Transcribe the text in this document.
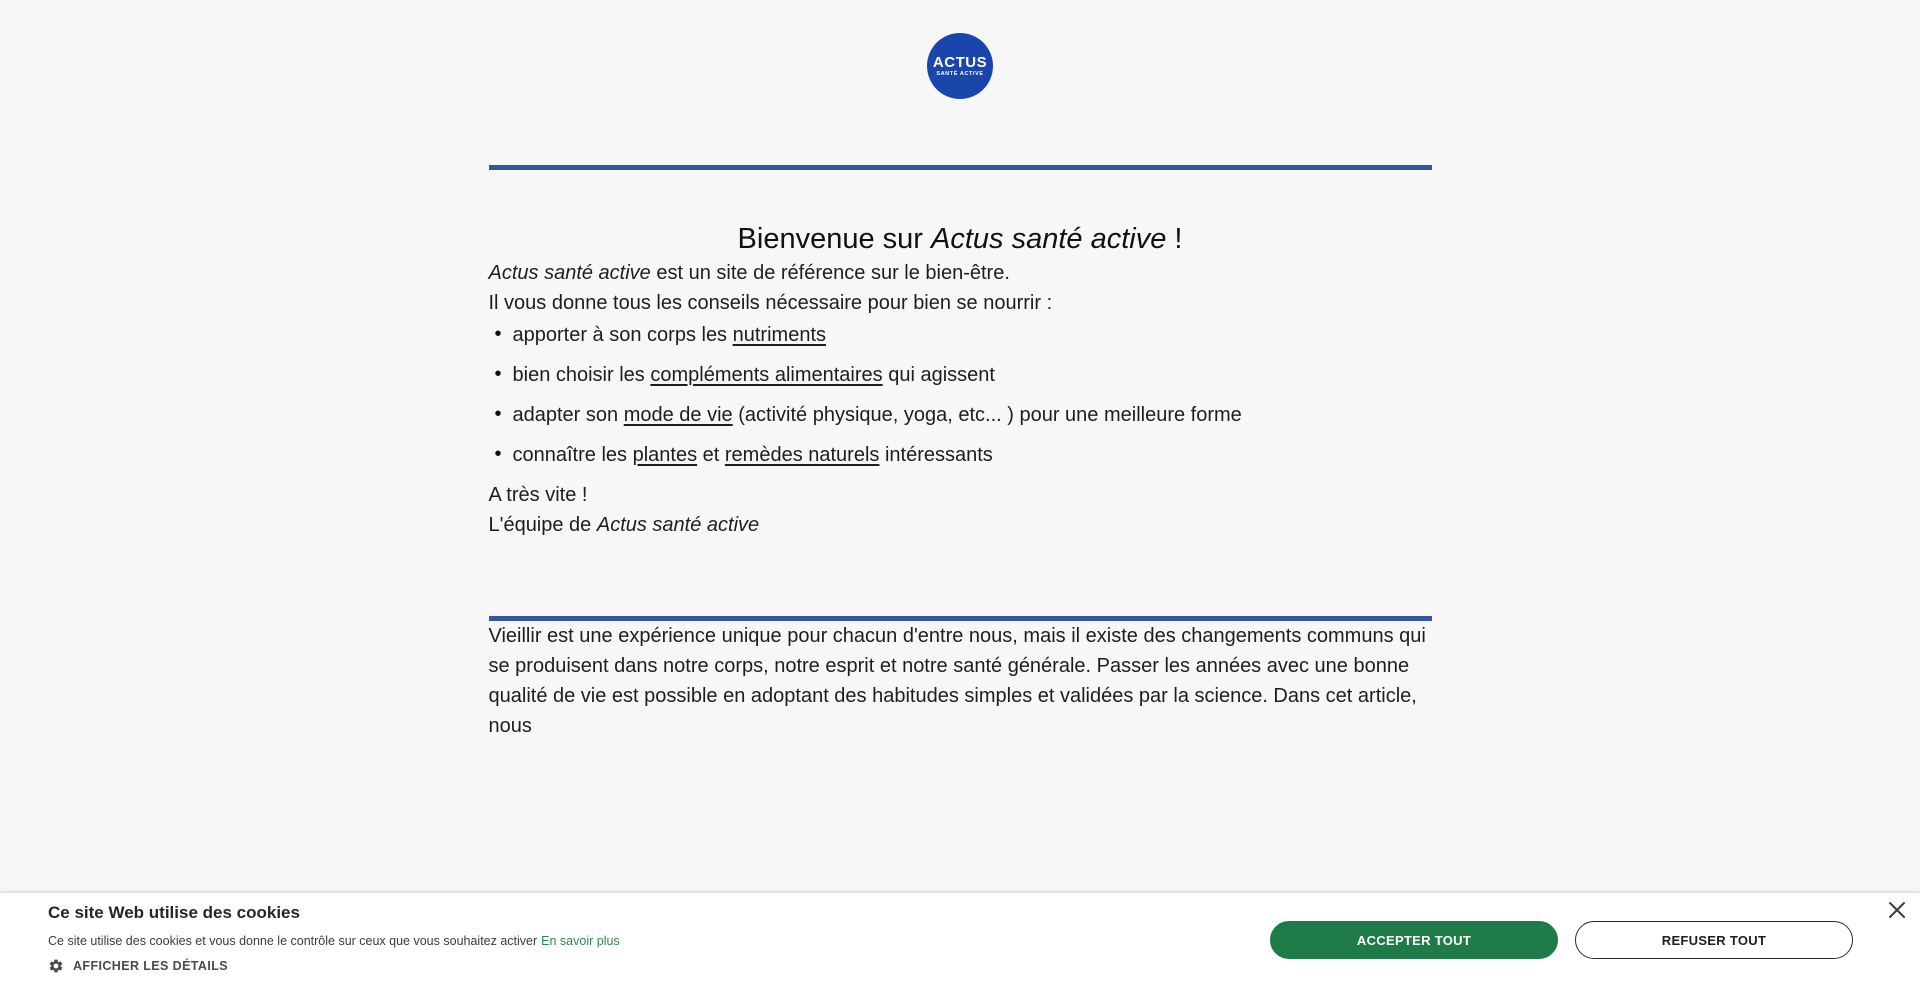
ACTUS
SANTÉ ACTIVE
Bienvenue sur Actus santé active !

Actus santé active est un site de référence sur le bien-être.

Il vous donne tous les conseils nécessaire pour bien se nourrir :

• apporter à son corps les nutriments
• bien choisir les compléments alimentaires qui agissent
• adapter son mode de vie (activité physique, yoga, etc... ) pour une meilleure forme
• connaître les plantes et remèdes naturels intéressants

A très vite !

L'équipe de Actus santé active

Vieillir est une expérience unique pour chacun d'entre nous, mais il existe des changements communs qui se produisent dans notre corps, notre esprit et notre santé générale. Passer les années avec une bonne qualité de vie est possible en adoptant des habitudes simples et validées par la science. Dans cet article, nous

Ce site Web utilise des cookies

Ce site utilise des cookies et vous donne le contrôle sur ceux que vous souhaitez activer En savoir plus

AFFICHER LES DÉTAILS
ACCEPTER TOUT	REFUSER TOUT
